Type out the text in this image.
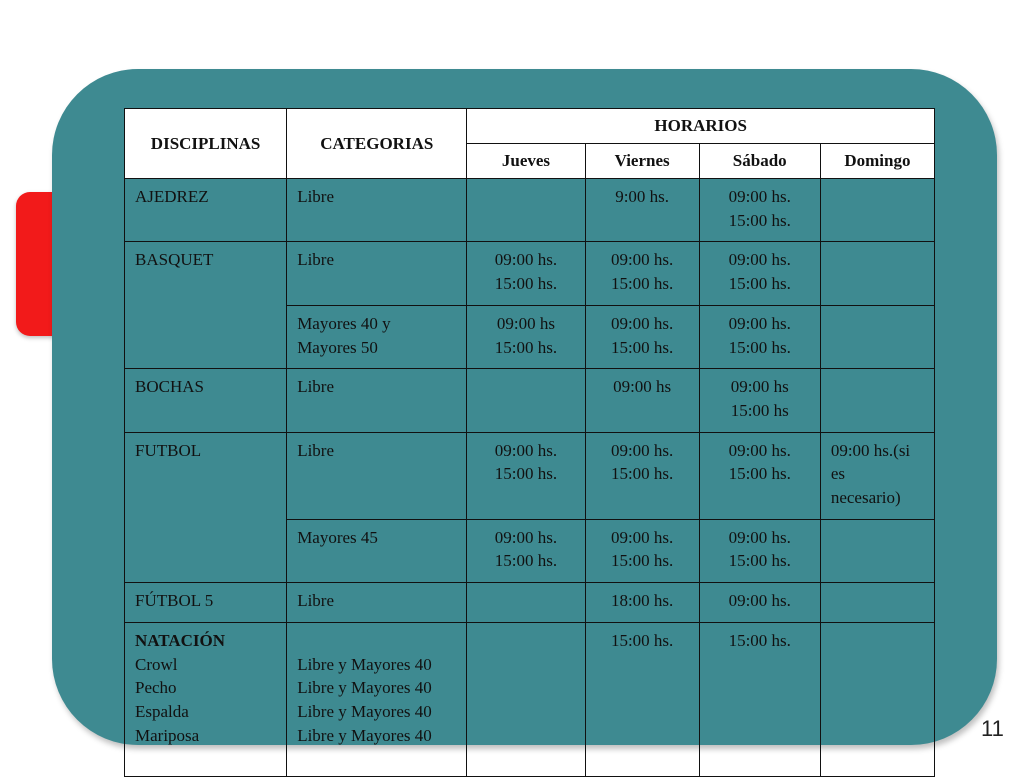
DISCIPLINAS	CATEGORIAS	HORARIOS			
		Jueves	Viernes	Sábado	Domingo
AJEDREZ	Libre		9:00 hs.	09:00 hs.
15:00 hs.	

BASQUET	Libre	09:00 hs.
15:00 hs.	09:00 hs.
15:00 hs.	09:00 hs.
15:00 hs.	

	Mayores 40 y
Mayores 50	09:00 hs
15:00 hs.	09:00 hs.
15:00 hs.	09:00 hs.
15:00 hs.	

BOCHAS	Libre		09:00 hs	09:00 hs
15:00 hs	

FUTBOL	Libre	09:00 hs.
15:00 hs.	09:00 hs.
15:00 hs.	09:00 hs.
15:00 hs.	09:00 hs.(si
es
necesario)

	Mayores 45	09:00 hs.
15:00 hs.	09:00 hs.
15:00 hs.	09:00 hs.
15:00 hs.	

FÚTBOL 5	Libre		18:00 hs.	09:00 hs.	

NATACIÓN
Crowl
Pecho
Espalda
Mariposa	Libre y Mayores 40
Libre y Mayores 40
Libre y Mayores 40
Libre y Mayores 40		15:00 hs.	15:00 hs.	
11
